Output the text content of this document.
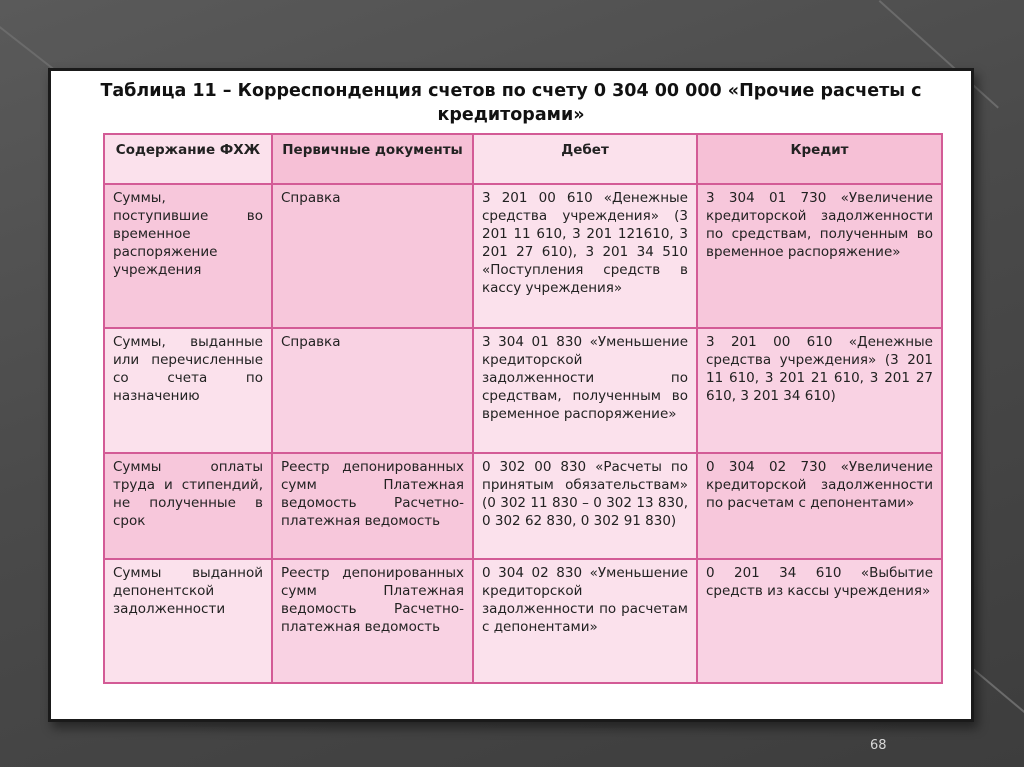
Таблица 11 – Корреспонденция счетов по счету 0 304 00 000 «Прочие расчеты с кредиторами»
Содержание ФХЖ	Первичные документы	Дебет	Кредит
Суммы, поступившие во временное распоряжение учреждения	Справка	3 201 00 610 «Денежные средства учреждения» (3 201 11 610, 3 201 121610, 3 201 27 610), 3 201 34 510 «Поступления средств в кассу учреждения»	3 304 01 730 «Увеличение кредиторской задолженности по средствам, полученным во временное распоряжение»
Суммы, выданные или перечисленные со счета по назначению	Справка	3 304 01 830 «Уменьшение кредиторской задолженности по средствам, полученным во временное распоряжение»	3 201 00 610 «Денежные средства учреждения» (3 201 11 610, 3 201 21 610, 3 201 27 610, 3 201 34 610)
Суммы оплаты труда и стипендий, не полученные в срок	Реестр депонированных сумм Платежная ведомость Расчетно-платежная ведомость	0 302 00 830 «Расчеты по принятым обязательствам» (0 302 11 830 – 0 302 13 830, 0 302 62 830, 0 302 91 830)	0 304 02 730 «Увеличение кредиторской задолженности по расчетам с депонентами»
Суммы выданной депонентской задолженности	Реестр депонированных сумм Платежная ведомость Расчетно-платежная ведомость	0 304 02 830 «Уменьшение кредиторской задолженности по расчетам с депонентами»	0 201 34 610 «Выбытие средств из кассы учреждения»
68
